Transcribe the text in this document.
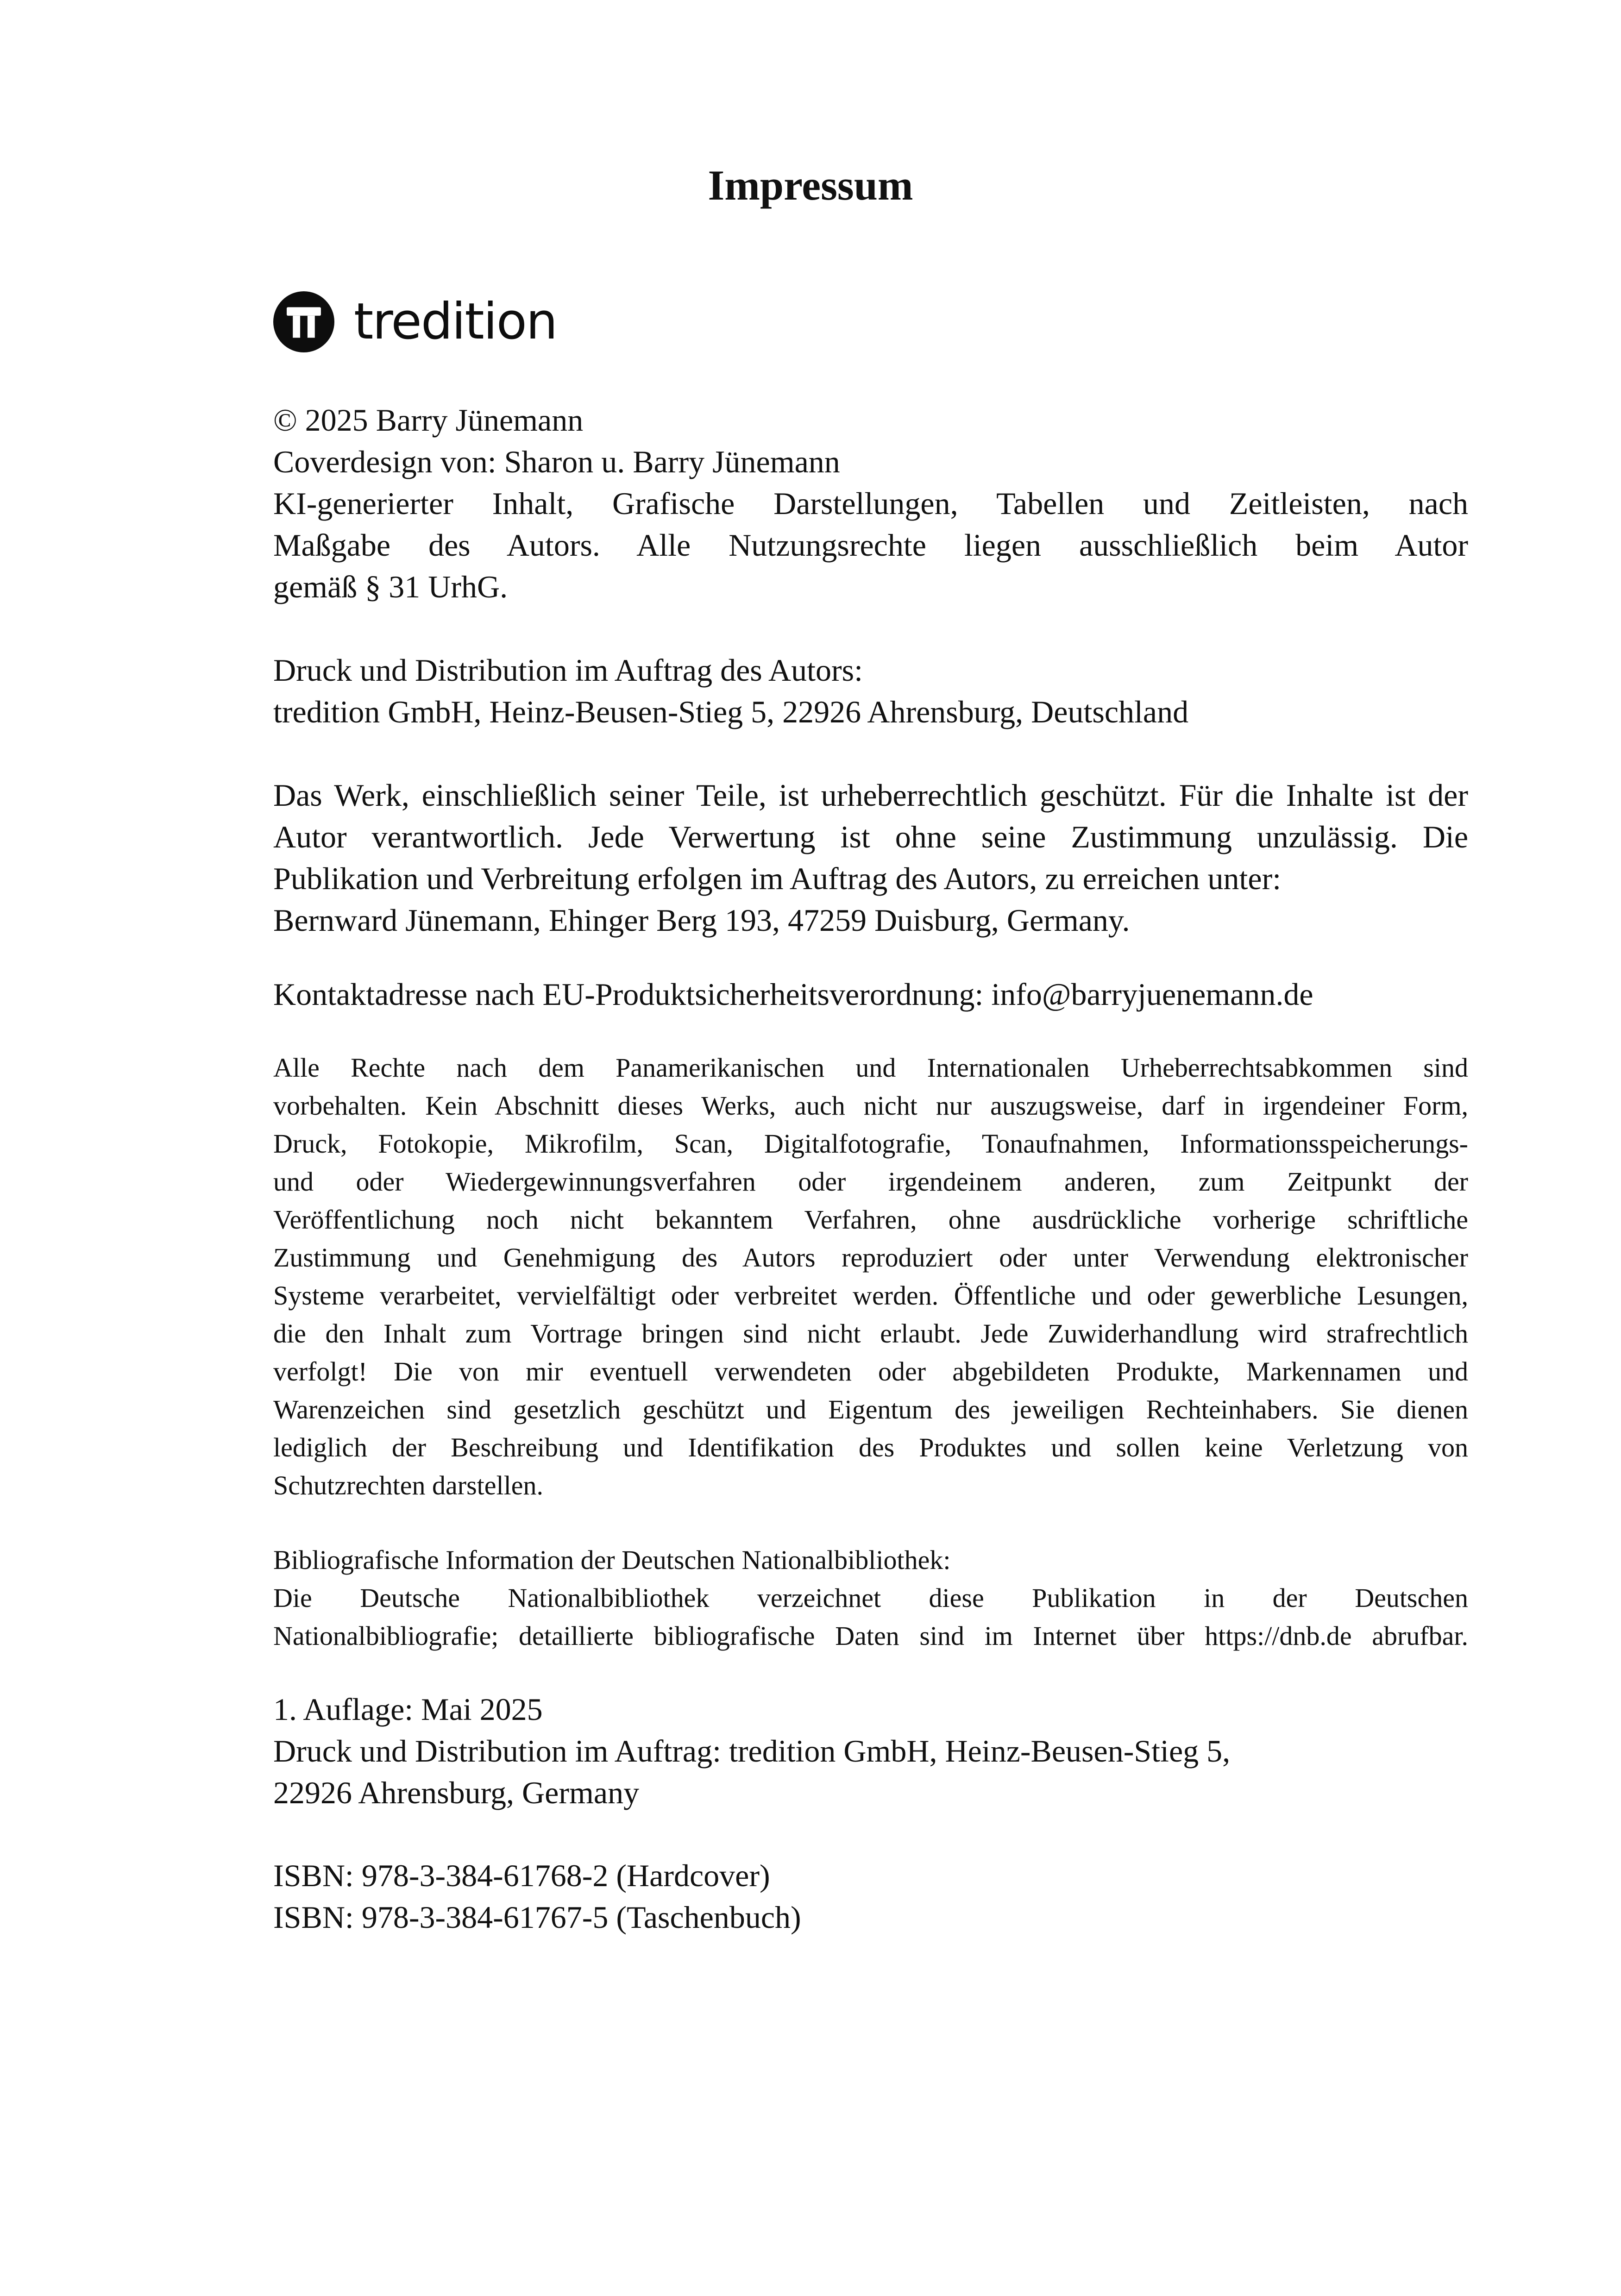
Impressum
tredition
© 2025 Barry Jünemann
Coverdesign von: Sharon u. Barry Jünemann
KI-generierter Inhalt, Grafische Darstellungen, Tabellen und Zeitleisten, nach
Maßgabe des Autors. Alle Nutzungsrechte liegen ausschließlich beim Autor
gemäß § 31 UrhG.
Druck und Distribution im Auftrag des Autors:
tredition GmbH, Heinz-Beusen-Stieg 5, 22926 Ahrensburg, Deutschland
Das Werk, einschließlich seiner Teile, ist urheberrechtlich geschützt. Für die Inhalte ist der
Autor verantwortlich. Jede Verwertung ist ohne seine Zustimmung unzulässig. Die
Publikation und Verbreitung erfolgen im Auftrag des Autors, zu erreichen unter:
Bernward Jünemann, Ehinger Berg 193, 47259 Duisburg, Germany.
Kontaktadresse nach EU-Produktsicherheitsverordnung: info@barryjuenemann.de
Alle Rechte nach dem Panamerikanischen und Internationalen Urheberrechtsabkommen sind
vorbehalten. Kein Abschnitt dieses Werks, auch nicht nur auszugsweise, darf in irgendeiner Form,
Druck, Fotokopie, Mikrofilm, Scan, Digitalfotografie, Tonaufnahmen, Informationsspeicherungs-
und oder Wiedergewinnungsverfahren oder irgendeinem anderen, zum Zeitpunkt der
Veröffentlichung noch nicht bekanntem Verfahren, ohne ausdrückliche vorherige schriftliche
Zustimmung und Genehmigung des Autors reproduziert oder unter Verwendung elektronischer
Systeme verarbeitet, vervielfältigt oder verbreitet werden. Öffentliche und oder gewerbliche Lesungen,
die den Inhalt zum Vortrage bringen sind nicht erlaubt. Jede Zuwiderhandlung wird strafrechtlich
verfolgt! Die von mir eventuell verwendeten oder abgebildeten Produkte, Markennamen und
Warenzeichen sind gesetzlich geschützt und Eigentum des jeweiligen Rechteinhabers. Sie dienen
lediglich der Beschreibung und Identifikation des Produktes und sollen keine Verletzung von
Schutzrechten darstellen.
Bibliografische Information der Deutschen Nationalbibliothek:
Die Deutsche Nationalbibliothek verzeichnet diese Publikation in der Deutschen
Nationalbibliografie; detaillierte bibliografische Daten sind im Internet über https://dnb.de abrufbar.
1. Auflage: Mai 2025
Druck und Distribution im Auftrag: tredition GmbH, Heinz-Beusen-Stieg 5,
22926 Ahrensburg, Germany
ISBN: 978-3-384-61768-2 (Hardcover)
ISBN: 978-3-384-61767-5 (Taschenbuch)
